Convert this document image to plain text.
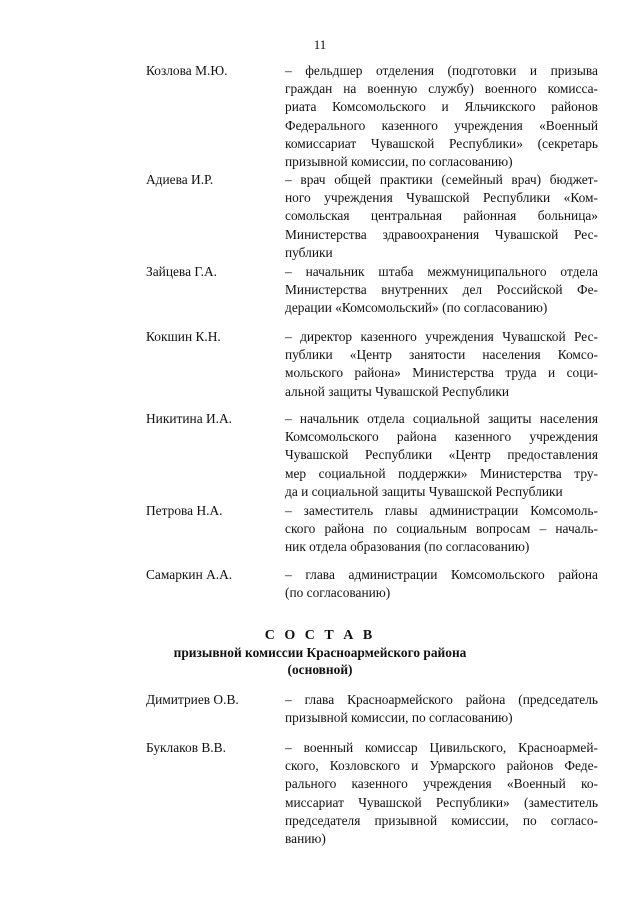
11
Козлова М.Ю.	– фельдшер отделения (подготовки и призыва
граждан на военную службу) военного комисса-
риата Комсомольского и Яльчикского районов
Федерального казенного учреждения «Военный
комиссариат Чувашской Республики» (секретарь
призывной комиссии, по согласованию)
Адиева И.Р.	– врач общей практики (семейный врач) бюджет-
ного учреждения Чувашской Республики «Ком-
сомольская центральная районная больница»
Министерства здравоохранения Чувашской Рес-
публики
Зайцева Г.А.	– начальник штаба межмуниципального отдела
Министерства внутренних дел Российской Фе-
дерации «Комсомольский» (по согласованию)
Кокшин К.Н.	– директор казенного учреждения Чувашской Рес-
публики «Центр занятости населения Комсо-
мольского района» Министерства труда и соци-
альной защиты Чувашской Республики
Никитина И.А.	– начальник отдела социальной защиты населения
Комсомольского района казенного учреждения
Чувашской Республики «Центр предоставления
мер социальной поддержки» Министерства тру-
да и социальной защиты Чувашской Республики
Петрова Н.А.	– заместитель главы администрации Комсомоль-
ского района по социальным вопросам – началь-
ник отдела образования (по согласованию)
Самаркин А.А.	– глава администрации Комсомольского района
(по согласованию)
С О С Т А В
призывной комиссии Красноармейского района
(основной)
Димитриев О.В.	– глава Красноармейского района (председатель
призывной комиссии, по согласованию)
Буклаков В.В.	– военный комиссар Цивильского, Красноармей-
ского, Козловского и Урмарского районов Феде-
рального казенного учреждения «Военный ко-
миссариат Чувашской Республики» (заместитель
председателя призывной комиссии, по согласо-
ванию)
